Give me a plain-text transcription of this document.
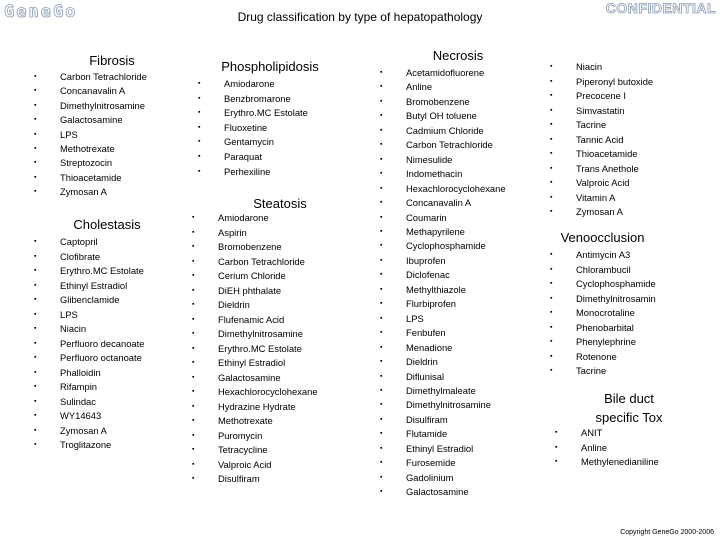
GeneGo	CONFIDENTIAL
Drug classification by type of hepatopathology
Fibrosis
▪ Carbon Tetrachloride
▪ Concanavalin A
▪ Dimethylnitrosamine
▪ Galactosamine
▪ LPS
▪ Methotrexate
▪ Streptozocin
▪ Thioacetamide
▪ Zymosan A
Phospholipidosis
▪ Amiodarone
▪ Benzbromarone
▪ Erythro.MC Estolate
▪ Fluoxetine
▪ Gentamycin
▪ Paraquat
▪ Perhexiline
Steatosis
▪ Amiodarone
▪ Aspirin
▪ Bromobenzene
▪ Carbon Tetrachloride
▪ Cerium Chloride
▪ DiEH phthalate
▪ Dieldrin
▪ Flufenamic Acid
▪ Dimethylnitrosamine
▪ Erythro.MC Estolate
▪ Ethinyl Estradiol
▪ Galactosamine
▪ Hexachlorocyclohexane
▪ Hydrazine Hydrate
▪ Methotrexate
▪ Puromycin
▪ Tetracycline
▪ Valproic Acid
▪ Disulfiram
Cholestasis
▪ Captopril
▪ Clofibrate
▪ Erythro.MC Estolate
▪ Ethinyl Estradiol
▪ Glibenclamide
▪ LPS
▪ Niacin
▪ Perfluoro decanoate
▪ Perfluoro octanoate
▪ Phalloidin
▪ Rifampin
▪ Sulindac
▪ WY14643
▪ Zymosan A
▪ Troglitazone
Necrosis
▪ Acetamidofluorene
▪ Anline
▪ Bromobenzene
▪ Butyl OH toluene
▪ Cadmium Chloride
▪ Carbon Tetrachloride
▪ Nimesulide
▪ Indomethacin
▪ Hexachlorocyclohexane
▪ Concanavalin A
▪ Coumarin
▪ Methapyrilene
▪ Cyclophosphamide
▪ Ibuprofen
▪ Diclofenac
▪ Methylthiazole
▪ Flurbiprofen
▪ LPS
▪ Fenbufen
▪ Menadione
▪ Dieldrin
▪ Diflunisal
▪ Dimethylmaleate
▪ Dimethylnitrosamine
▪ Disulfiram
▪ Flutamide
▪ Ethinyl Estradiol
▪ Furosemide
▪ Gadolinium
▪ Galactosamine
▪ Niacin
▪ Piperonyl butoxide
▪ Precocene I
▪ Simvastatin
▪ Tacrine
▪ Tannic Acid
▪ Thioacetamide
▪ Trans Anethole
▪ Valproic Acid
▪ Vitamin A
▪ Zymosan A
Venoocclusion
▪ Antimycin A3
▪ Chlorambucil
▪ Cyclophosphamide
▪ Dimethylnitrosamin
▪ Monocrotaline
▪ Phenobarbital
▪ Phenylephrine
▪ Rotenone
▪ Tacrine
Bile duct
specific Tox
▪ ANIT
▪ Anline
▪ Methylenedianiline
Copyright GeneGo 2000-2006
